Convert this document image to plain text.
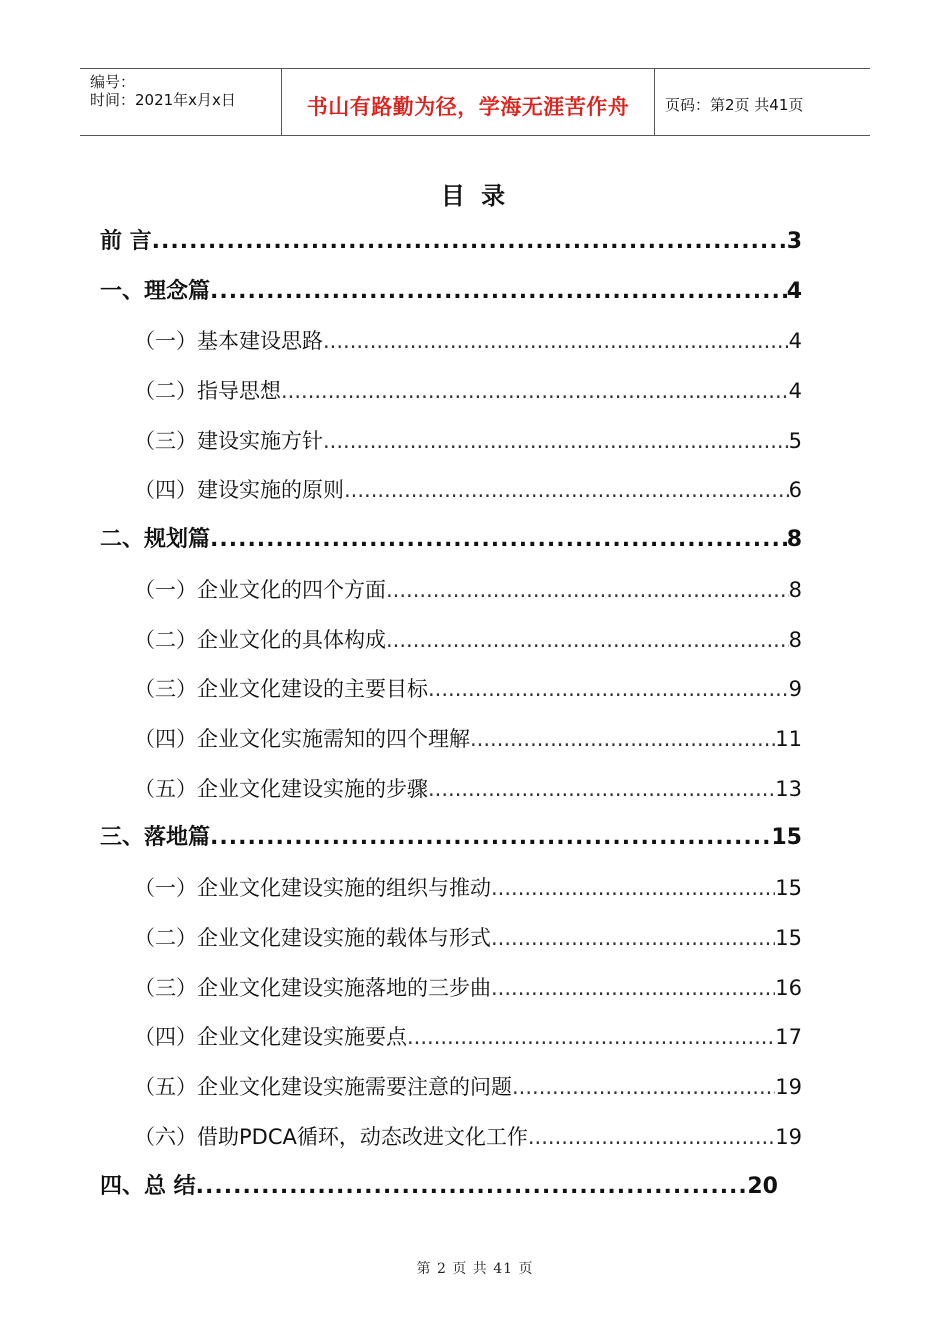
编号：
时间：2021年x月x日	书山有路勤为径，学海无涯苦作舟	页码：第2页 共41页
目 录
前 言 .....	3
一、理念篇 .....	4
（一）基本建设思路 .....	4
（二）指导思想 .....	4
（三）建设实施方针 .....	5
（四）建设实施的原则 .....	6
二、规划篇 .....	8
（一）企业文化的四个方面 .....	8
（二）企业文化的具体构成 .....	8
（三）企业文化建设的主要目标 .....	9
（四）企业文化实施需知的四个理解 .....	11
（五）企业文化建设实施的步骤 .....	13
三、落地篇 .....	15
（一）企业文化建设实施的组织与推动 .....	15
（二）企业文化建设实施的载体与形式 .....	15
（三）企业文化建设实施落地的三步曲 .....	16
（四）企业文化建设实施要点 .....	17
（五）企业文化建设实施需要注意的问题 .....	19
（六）借助PDCA循环，动态改进文化工作 .....	19
四、总 结 .....	20
第 2 页 共 41 页
